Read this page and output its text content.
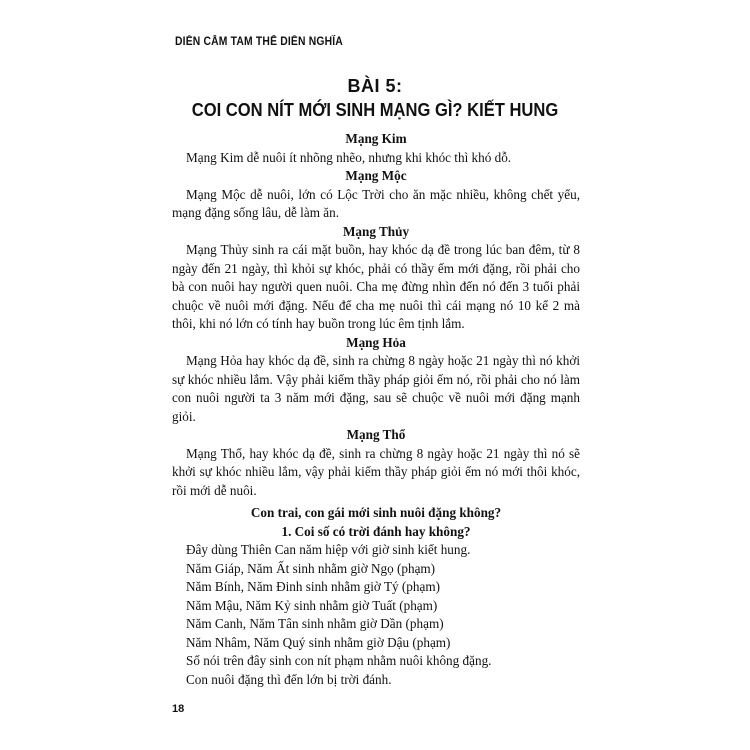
DIỄN CẦM TAM THẾ DIỄN NGHĨA
BÀI 5:
COI CON NÍT MỚI SINH MẠNG GÌ? KIẾT HUNG
Mạng Kim

Mạng Kim dễ nuôi ít nhõng nhẽo, nhưng khi khóc thì khó dỗ.

Mạng Mộc

Mạng Mộc dễ nuôi, lớn có Lộc Trời cho ăn mặc nhiều, không chết yểu, mạng đặng sống lâu, dễ làm ăn.

Mạng Thủy

Mạng Thủy sinh ra cái mặt buồn, hay khóc dạ đề trong lúc ban đêm, từ 8 ngày đến 21 ngày, thì khỏi sự khóc, phải có thầy ếm mới đặng, rồi phải cho bà con nuôi hay người quen nuôi. Cha mẹ đừng nhìn đến nó đến 3 tuổi phải chuộc về nuôi mới đặng. Nếu để cha mẹ nuôi thì cái mạng nó 10 kể 2 mà thôi, khi nó lớn có tính hay buồn trong lúc êm tịnh lắm.

Mạng Hỏa

Mạng Hỏa hay khóc dạ đề, sinh ra chừng 8 ngày hoặc 21 ngày thì nó khởi sự khóc nhiều lắm. Vậy phải kiếm thầy pháp giỏi ếm nó, rồi phải cho nó làm con nuôi người ta 3 năm mới đặng, sau sẽ chuộc về nuôi mới đặng mạnh giỏi.

Mạng Thổ

Mạng Thổ, hay khóc dạ đề, sinh ra chừng 8 ngày hoặc 21 ngày thì nó sẽ khởi sự khóc nhiều lắm, vậy phải kiếm thầy pháp giỏi ếm nó mới thôi khóc, rồi mới dễ nuôi.

Con trai, con gái mới sinh nuôi đặng không?
1. Coi số có trời đánh hay không?
Đây dùng Thiên Can năm hiệp với giờ sinh kiết hung.
Năm Giáp, Năm Ất sinh nhằm giờ Ngọ (phạm)
Năm Bính, Năm Đinh sinh nhằm giờ Tý (phạm)
Năm Mậu, Năm Kỷ sinh nhằm giờ Tuất (phạm)
Năm Canh, Năm Tân sinh nhằm giờ Dần (phạm)
Năm Nhâm, Năm Quý sinh nhằm giờ Dậu (phạm)
Số nói trên đây sinh con nít phạm nhằm nuôi không đặng.
Con nuôi đặng thì đến lớn bị trời đánh.
18
